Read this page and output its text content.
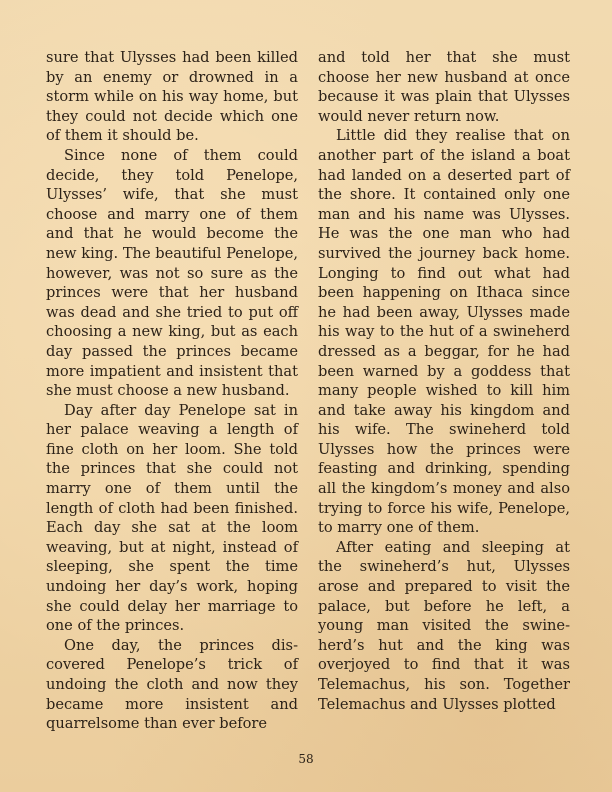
sure that Ulysses had been killed by an enemy or drowned in a storm while on his way home, but they could not decide which one of them it should be.

Since none of them could decide, they told Penelope, Ulysses’ wife, that she must choose and marry one of them and that he would become the new king. The beautiful Penelope, however, was not so sure as the princes were that her husband was dead and she tried to put off choosing a new king, but as each day passed the princes became more impatient and insistent that she must choose a new husband.

Day after day Penelope sat in her palace weaving a length of fine cloth on her loom. She told the princes that she could not marry one of them until the length of cloth had been finished. Each day she sat at the loom weaving, but at night, instead of sleeping, she spent the time undoing her day’s work, hoping she could delay her marriage to one of the princes.

One day, the princes discovered Penelope’s trick of undoing the cloth and now they became more insistent and quarrelsome than ever before

and told her that she must choose her new husband at once because it was plain that Ulysses would never return now.

Little did they realise that on another part of the island a boat had landed on a deserted part of the shore. It contained only one man and his name was Ulysses. He was the one man who had survived the journey back home. Longing to find out what had been happening on Ithaca since he had been away, Ulysses made his way to the hut of a swineherd dressed as a beggar, for he had been warned by a goddess that many people wished to kill him and take away his kingdom and his wife. The swineherd told Ulysses how the princes were feasting and drinking, spending all the kingdom’s money and also trying to force his wife, Penelope, to marry one of them.

After eating and sleeping at the swineherd’s hut, Ulysses arose and prepared to visit the palace, but before he left, a young man visited the swineherd’s hut and the king was overjoyed to find that it was Telemachus, his son. Together Telemachus and Ulysses plotted

58
